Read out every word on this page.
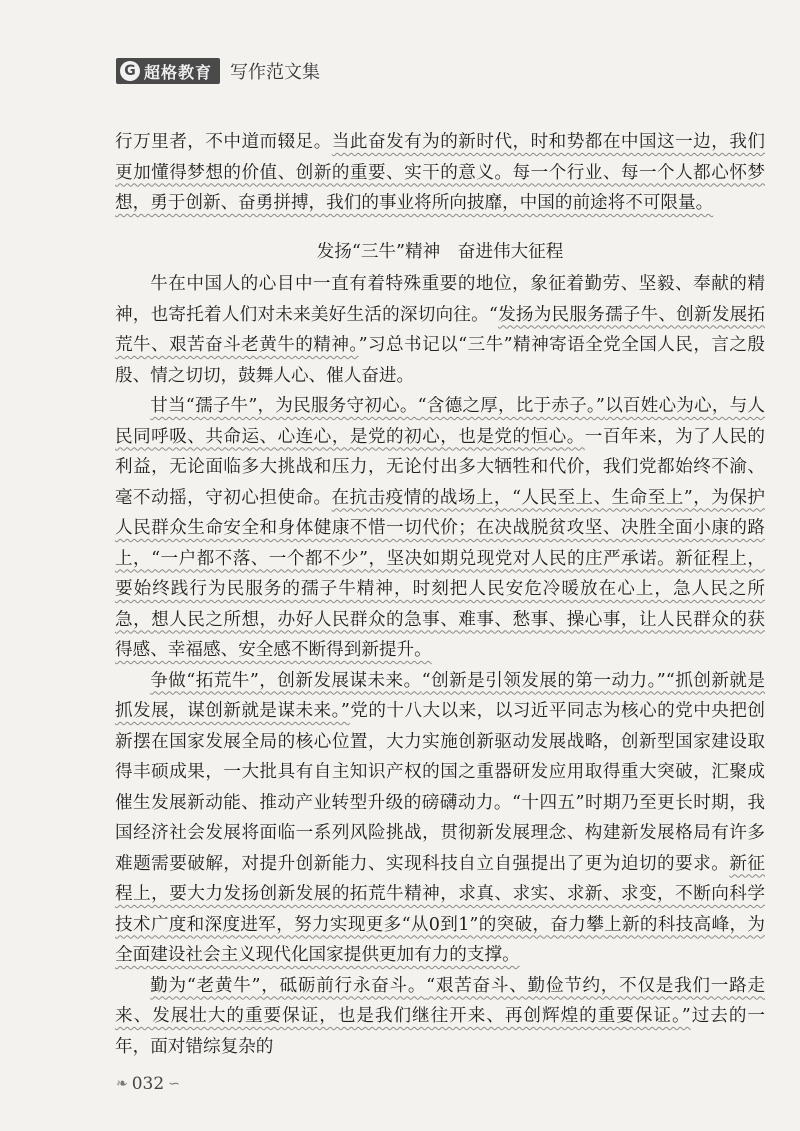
G 超格教育 写作范文集

行万里者，不中道而辍足。当此奋发有为的新时代，时和势都在中国这一边，我们更加懂得梦想的价值、创新的重要、实干的意义。每一个行业、每一个人都心怀梦想，勇于创新、奋勇拼搏，我们的事业将所向披靡，中国的前途将不可限量。

发扬“三牛”精神　奋进伟大征程

牛在中国人的心目中一直有着特殊重要的地位，象征着勤劳、坚毅、奉献的精神，也寄托着人们对未来美好生活的深切向往。“发扬为民服务孺子牛、创新发展拓荒牛、艰苦奋斗老黄牛的精神。”习总书记以“三牛”精神寄语全党全国人民，言之殷殷、情之切切，鼓舞人心、催人奋进。

甘当“孺子牛”，为民服务守初心。“含德之厚，比于赤子。”以百姓心为心，与人民同呼吸、共命运、心连心，是党的初心，也是党的恒心。一百年来，为了人民的利益，无论面临多大挑战和压力，无论付出多大牺牲和代价，我们党都始终不渝、毫不动摇，守初心担使命。在抗击疫情的战场上，“人民至上、生命至上”，为保护人民群众生命安全和身体健康不惜一切代价；在决战脱贫攻坚、决胜全面小康的路上，“一户都不落、一个都不少”，坚决如期兑现党对人民的庄严承诺。新征程上，要始终践行为民服务的孺子牛精神，时刻把人民安危冷暖放在心上，急人民之所急，想人民之所想，办好人民群众的急事、难事、愁事、操心事，让人民群众的获得感、幸福感、安全感不断得到新提升。

争做“拓荒牛”，创新发展谋未来。“创新是引领发展的第一动力。”“抓创新就是抓发展，谋创新就是谋未来。”党的十八大以来，以习近平同志为核心的党中央把创新摆在国家发展全局的核心位置，大力实施创新驱动发展战略，创新型国家建设取得丰硕成果，一大批具有自主知识产权的国之重器研发应用取得重大突破，汇聚成催生发展新动能、推动产业转型升级的磅礴动力。“十四五”时期乃至更长时期，我国经济社会发展将面临一系列风险挑战，贯彻新发展理念、构建新发展格局有许多难题需要破解，对提升创新能力、实现科技自立自强提出了更为迫切的要求。新征程上，要大力发扬创新发展的拓荒牛精神，求真、求实、求新、求变，不断向科学技术广度和深度进军，努力实现更多“从0到1”的突破，奋力攀上新的科技高峰，为全面建设社会主义现代化国家提供更加有力的支撑。

勤为“老黄牛”，砥砺前行永奋斗。“艰苦奋斗、勤俭节约，不仅是我们一路走来、发展壮大的重要保证，也是我们继往开来、再创辉煌的重要保证。”过去的一年，面对错综复杂的

❧ 032 ∽
